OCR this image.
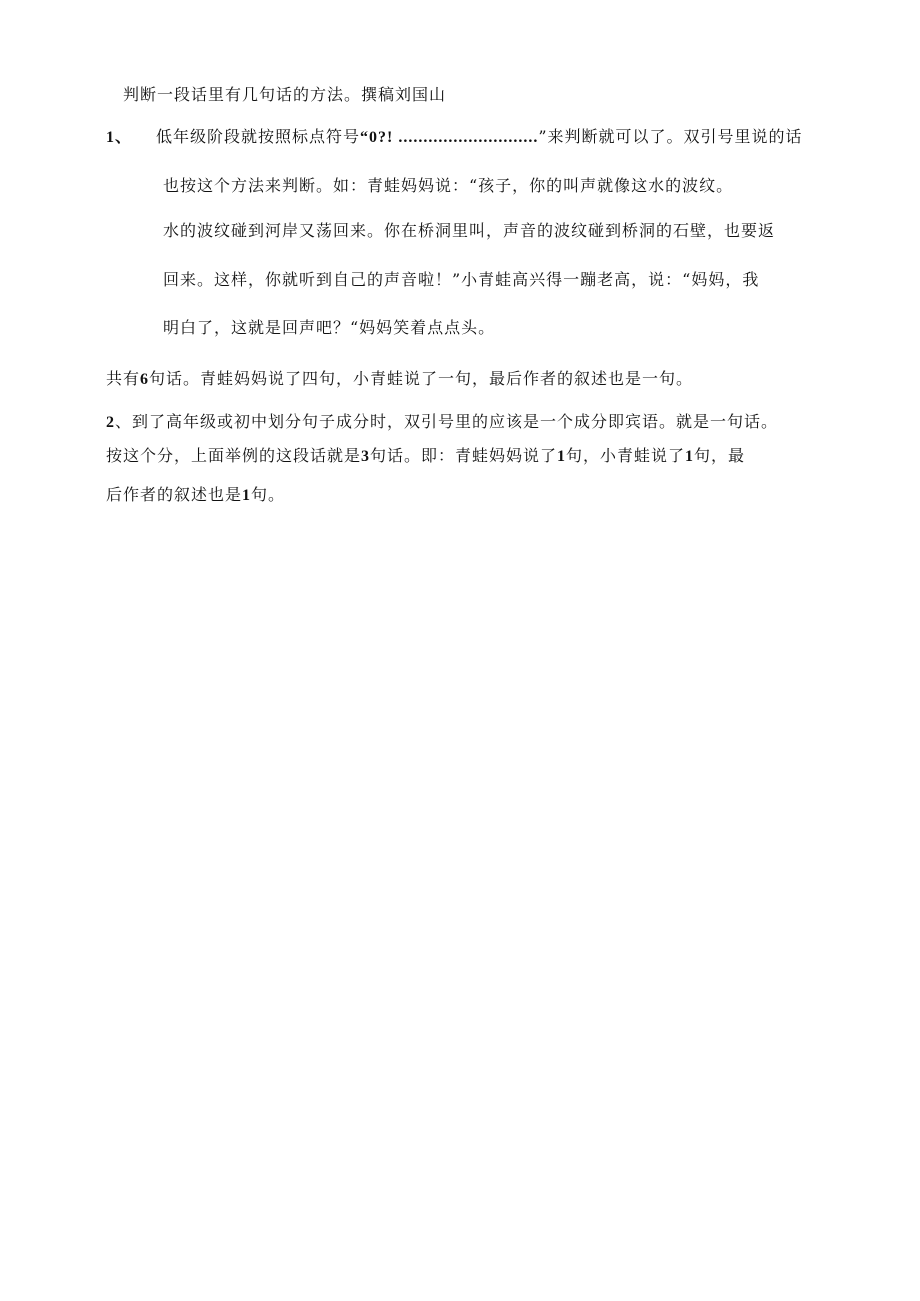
判断一段话里有几句话的方法。撰稿刘国山
1、 低年级阶段就按照标点符号“0?! ............................”来判断就可以了。双引号里说的话
也按这个方法来判断。如：青蛙妈妈说：“孩子，你的叫声就像这水的波纹。
水的波纹碰到河岸又荡回来。你在桥洞里叫，声音的波纹碰到桥洞的石壁，也要返
回来。这样，你就听到自己的声音啦！”小青蛙高兴得一蹦老高，说：“妈妈，我
明白了，这就是回声吧？“妈妈笑着点点头。
共有6句话。青蛙妈妈说了四句，小青蛙说了一句，最后作者的叙述也是一句。
2、到了高年级或初中划分句子成分时，双引号里的应该是一个成分即宾语。就是一句话。
按这个分，上面举例的这段话就是3句话。即：青蛙妈妈说了1句，小青蛙说了1句，最
后作者的叙述也是1句。
